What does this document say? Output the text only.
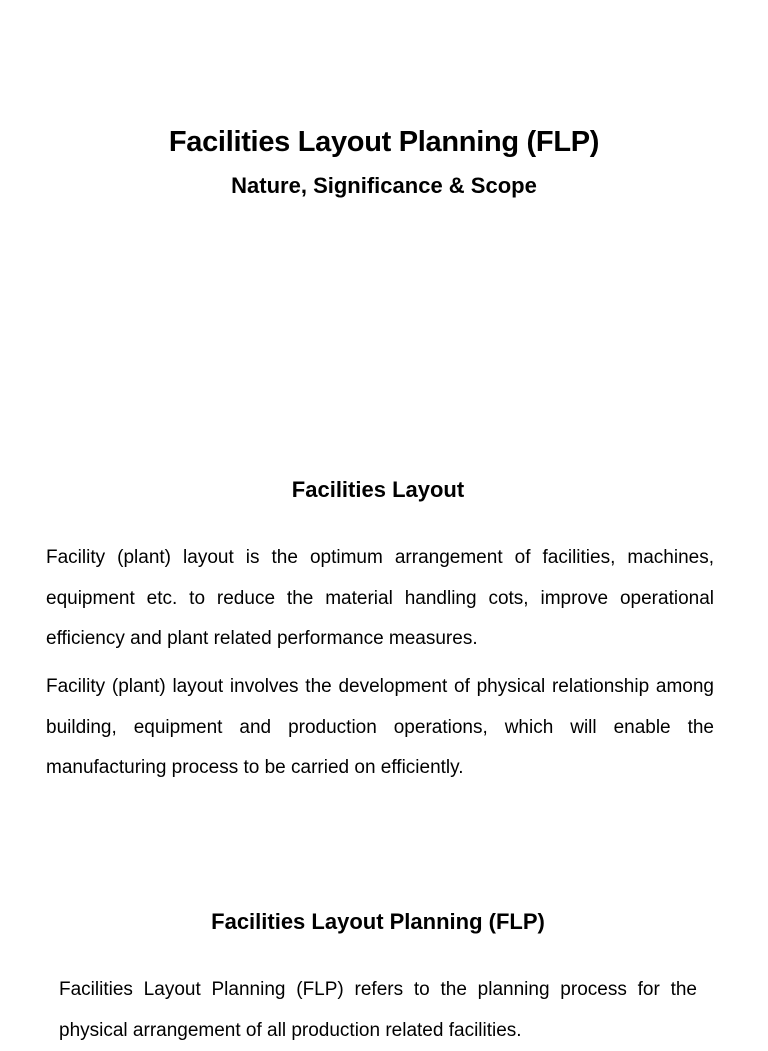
Facilities Layout Planning (FLP)
Nature, Significance & Scope
Facilities Layout

Facility (plant) layout is the optimum arrangement of facilities, machines, equipment etc. to reduce the material handling cots, improve operational efficiency and plant related performance measures.

Facility (plant) layout involves the development of physical relationship among building, equipment and production operations, which will enable the manufacturing process to be carried on efficiently.

Facilities Layout Planning (FLP)

Facilities Layout Planning (FLP) refers to the planning process for the physical arrangement of all production related facilities.
